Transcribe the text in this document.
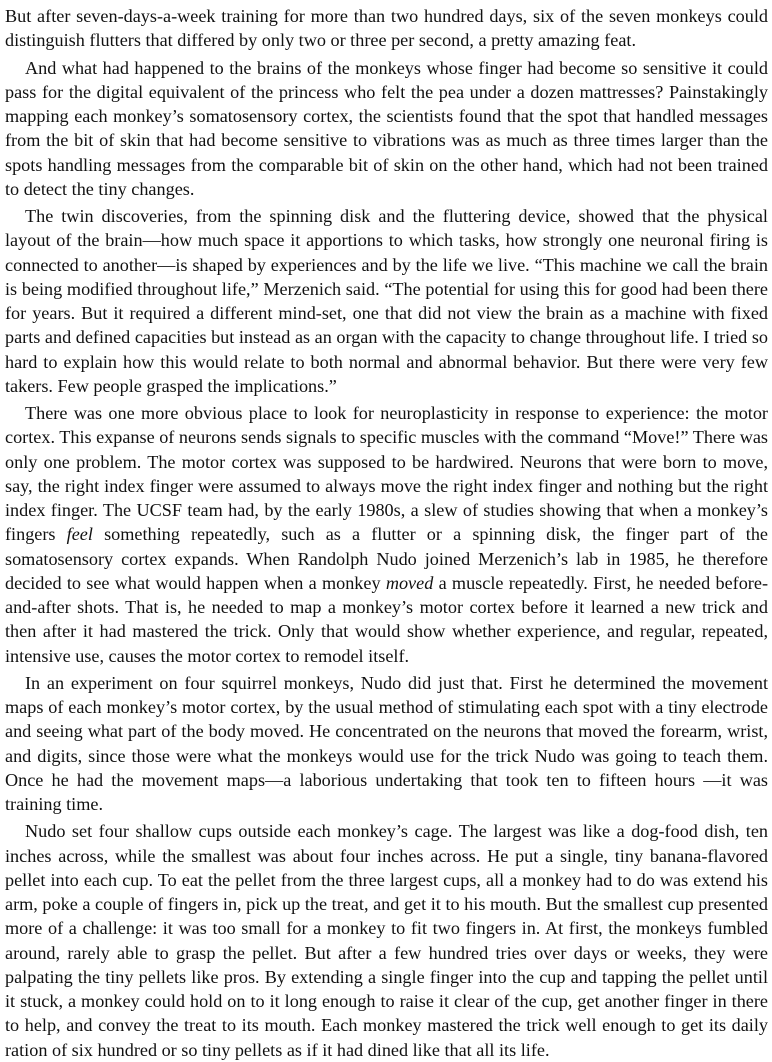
But after seven-days-a-week training for more than two hundred days, six of the seven monkeys could distinguish flutters that differed by only two or three per second, a pretty amazing feat.

And what had happened to the brains of the monkeys whose finger had become so sensitive it could pass for the digital equivalent of the princess who felt the pea under a dozen mattresses? Painstakingly mapping each monkey’s somatosensory cortex, the scientists found that the spot that handled messages from the bit of skin that had become sensitive to vibrations was as much as three times larger than the spots handling messages from the comparable bit of skin on the other hand, which had not been trained to detect the tiny changes.

The twin discoveries, from the spinning disk and the fluttering device, showed that the physical layout of the brain—how much space it apportions to which tasks, how strongly one neuronal firing is connected to another—is shaped by experiences and by the life we live. “This machine we call the brain is being modified throughout life,” Merzenich said. “The potential for using this for good had been there for years. But it required a different mind-set, one that did not view the brain as a machine with fixed parts and defined capacities but instead as an organ with the capacity to change throughout life. I tried so hard to explain how this would relate to both normal and abnormal behavior. But there were very few takers. Few people grasped the implications.”

There was one more obvious place to look for neuroplasticity in response to experience: the motor cortex. This expanse of neurons sends signals to specific muscles with the command “Move!” There was only one problem. The motor cortex was supposed to be hardwired. Neurons that were born to move, say, the right index finger were assumed to always move the right index finger and nothing but the right index finger. The UCSF team had, by the early 1980s, a slew of studies showing that when a monkey’s fingers feel something repeatedly, such as a flutter or a spinning disk, the finger part of the somatosensory cortex expands. When Randolph Nudo joined Merzenich’s lab in 1985, he therefore decided to see what would happen when a monkey moved a muscle repeatedly. First, he needed before-and-after shots. That is, he needed to map a monkey’s motor cortex before it learned a new trick and then after it had mastered the trick. Only that would show whether experience, and regular, repeated, intensive use, causes the motor cortex to remodel itself.

In an experiment on four squirrel monkeys, Nudo did just that. First he determined the movement maps of each monkey’s motor cortex, by the usual method of stimulating each spot with a tiny electrode and seeing what part of the body moved. He concentrated on the neurons that moved the forearm, wrist, and digits, since those were what the monkeys would use for the trick Nudo was going to teach them. Once he had the movement maps—a laborious undertaking that took ten to fifteen hours —it was training time.

Nudo set four shallow cups outside each monkey’s cage. The largest was like a dog-food dish, ten inches across, while the smallest was about four inches across. He put a single, tiny banana-flavored pellet into each cup. To eat the pellet from the three largest cups, all a monkey had to do was extend his arm, poke a couple of fingers in, pick up the treat, and get it to his mouth. But the smallest cup presented more of a challenge: it was too small for a monkey to fit two fingers in. At first, the monkeys fumbled around, rarely able to grasp the pellet. But after a few hundred tries over days or weeks, they were palpating the tiny pellets like pros. By extending a single finger into the cup and tapping the pellet until it stuck, a monkey could hold on to it long enough to raise it clear of the cup, get another finger in there to help, and convey the treat to its mouth. Each monkey mastered the trick well enough to get its daily ration of six hundred or so tiny pellets as if it had dined like that all its life.
